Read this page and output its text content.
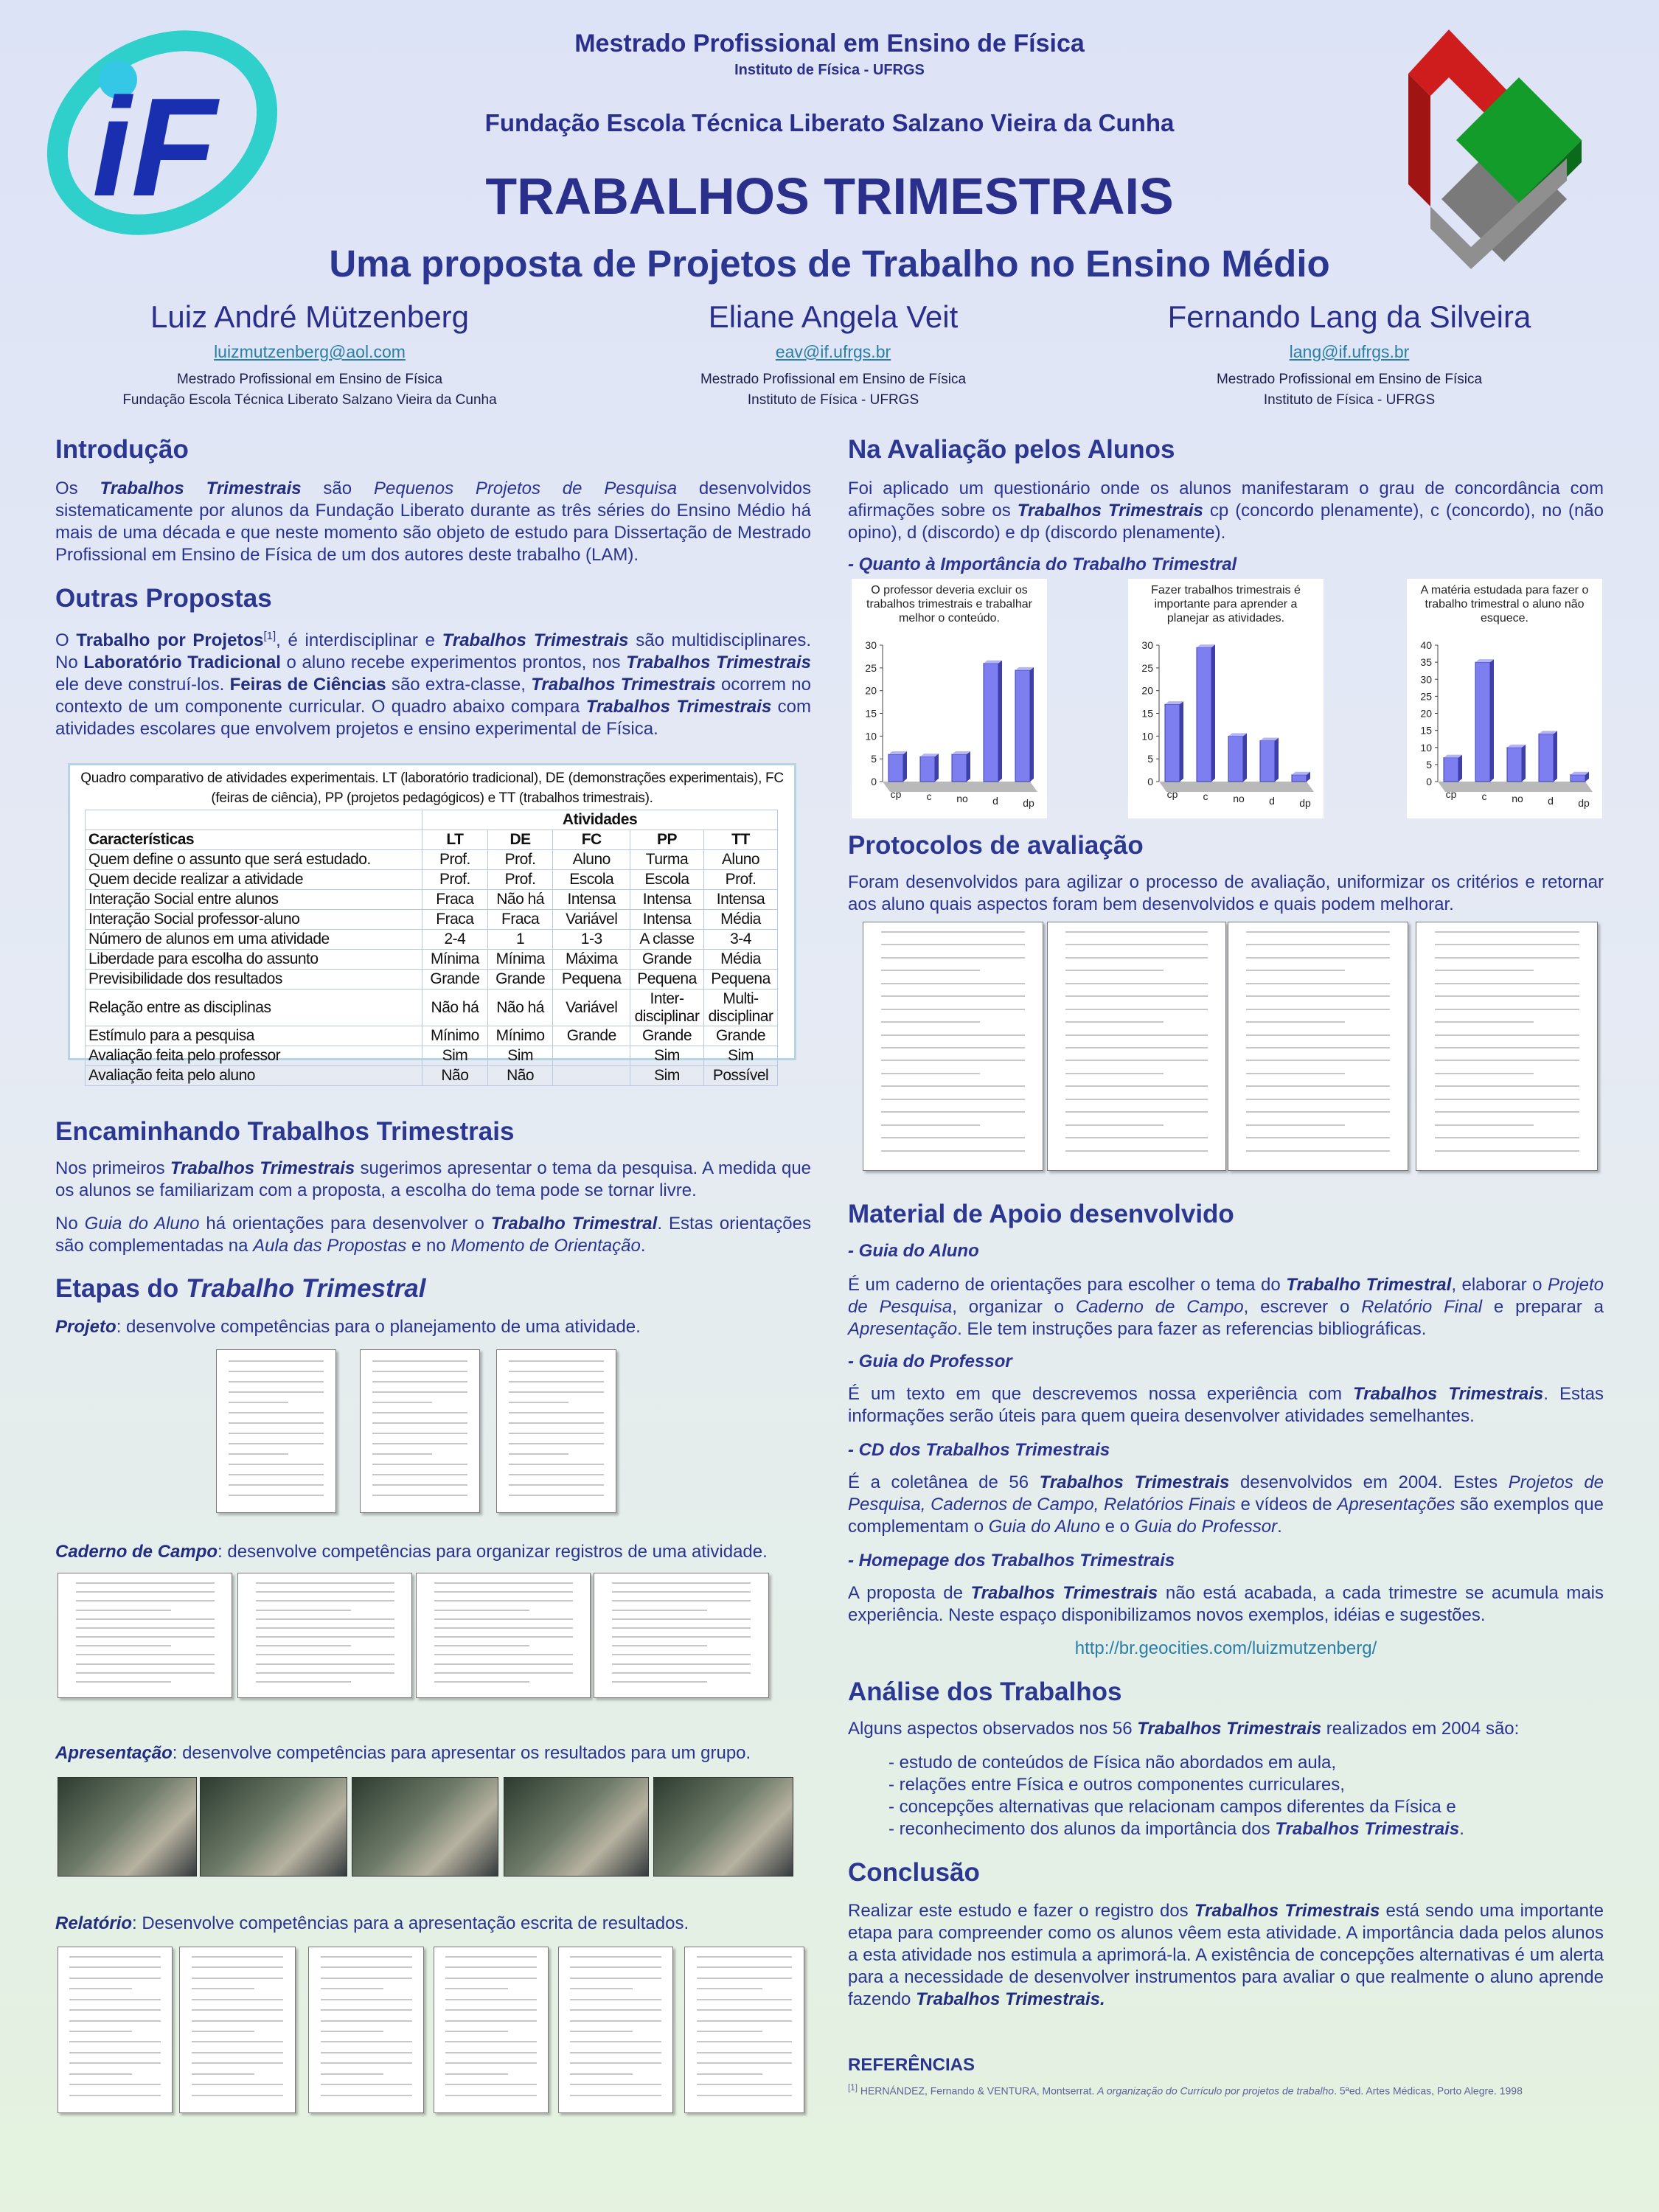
iF
Mestrado Profissional em Ensino de Física
Instituto de Física - UFRGS
Fundação Escola Técnica Liberato Salzano Vieira da Cunha
TRABALHOS TRIMESTRAIS
Uma proposta de Projetos de Trabalho no Ensino Médio
Luiz André Mützenberg
luizmutzenberg@aol.com
Mestrado Profissional em Ensino de Física
Fundação Escola Técnica Liberato Salzano Vieira da Cunha
Eliane Angela Veit
eav@if.ufrgs.br
Mestrado Profissional em Ensino de Física
Instituto de Física - UFRGS
Fernando Lang da Silveira
lang@if.ufrgs.br
Mestrado Profissional em Ensino de Física
Instituto de Física - UFRGS
Introdução
Os Trabalhos Trimestrais são Pequenos Projetos de Pesquisa desenvolvidos sistematicamente por alunos da Fundação Liberato durante as três séries do Ensino Médio há mais de uma década e que neste momento são objeto de estudo para Dissertação de Mestrado Profissional em Ensino de Física de um dos autores deste trabalho (LAM).
Outras Propostas
O Trabalho por Projetos[1], é interdisciplinar e Trabalhos Trimestrais são multidisciplinares. No Laboratório Tradicional o aluno recebe experimentos prontos, nos Trabalhos Trimestrais ele deve construí-los. Feiras de Ciências são extra-classe, Trabalhos Trimestrais ocorrem no contexto de um componente curricular. O quadro abaixo compara Trabalhos Trimestrais com atividades escolares que envolvem projetos e ensino experimental de Física.
Quadro comparativo de atividades experimentais. LT (laboratório tradicional), DE (demonstrações experimentais), FC (feiras de ciência), PP (projetos pedagógicos) e TT (trabalhos trimestrais).
	Atividades				
Características	LT	DE	FC	PP	TT
Quem define o assunto que será estudado.	Prof.	Prof.	Aluno	Turma	Aluno
Quem decide realizar a atividade	Prof.	Prof.	Escola	Escola	Prof.
Interação Social entre alunos	Fraca	Não há	Intensa	Intensa	Intensa
Interação Social professor-aluno	Fraca	Fraca	Variável	Intensa	Média
Número de alunos em uma atividade	2-4	1	1-3	A classe	3-4
Liberdade para escolha do assunto	Mínima	Mínima	Máxima	Grande	Média
Previsibilidade dos resultados	Grande	Grande	Pequena	Pequena	Pequena
Relação entre as disciplinas	Não há	Não há	Variável	Inter-disciplinar	Multi-disciplinar
Estímulo para a pesquisa	Mínimo	Mínimo	Grande	Grande	Grande
Avaliação feita pelo professor	Sim	Sim		Sim	Sim
Avaliação feita pelo aluno	Não	Não		Sim	Possível
Encaminhando Trabalhos Trimestrais
Nos primeiros Trabalhos Trimestrais sugerimos apresentar o tema da pesquisa. A medida que os alunos se familiarizam com a proposta, a escolha do tema pode se tornar livre.
No Guia do Aluno há orientações para desenvolver o Trabalho Trimestral. Estas orientações são complementadas na Aula das Propostas e no Momento de Orientação.
Etapas do Trabalho Trimestral
Projeto: desenvolve competências para o planejamento de uma atividade.
Caderno de Campo: desenvolve competências para organizar registros de uma atividade.
Apresentação: desenvolve competências para apresentar os resultados para um grupo.
Relatório: Desenvolve competências para a apresentação escrita de resultados.
Na Avaliação pelos Alunos
Foi aplicado um questionário onde os alunos manifestaram o grau de concordância com afirmações sobre os Trabalhos Trimestrais cp (concordo plenamente), c (concordo), no (não opino), d (discordo) e dp (discordo plenamente).
- Quanto à Importância do Trabalho Trimestral
O professor deveria excluir os trabalhos trimestrais e trabalhar melhor o conteúdo.
0
5
10
15
20
25
30
cp c no d dp
Fazer trabalhos trimestrais é importante para aprender a planejar as atividades.
0
5
10
15
20
25
30
cp c no d dp
A matéria estudada para fazer o trabalho trimestral o aluno não esquece.
0
5
10
15
20
25
30
35
40
cp c no d dp
Protocolos de avaliação
Foram desenvolvidos para agilizar o processo de avaliação, uniformizar os critérios e retornar aos aluno quais aspectos foram bem desenvolvidos e quais podem melhorar.
Material de Apoio desenvolvido
- Guia do Aluno
É um caderno de orientações para escolher o tema do Trabalho Trimestral, elaborar o Projeto de Pesquisa, organizar o Caderno de Campo, escrever o Relatório Final e preparar a Apresentação. Ele tem instruções para fazer as referencias bibliográficas.
- Guia do Professor
É um texto em que descrevemos nossa experiência com Trabalhos Trimestrais. Estas informações serão úteis para quem queira desenvolver atividades semelhantes.
- CD dos Trabalhos Trimestrais
É a coletânea de 56 Trabalhos Trimestrais desenvolvidos em 2004. Estes Projetos de Pesquisa, Cadernos de Campo, Relatórios Finais e vídeos de Apresentações são exemplos que complementam o Guia do Aluno e o Guia do Professor.
- Homepage dos Trabalhos Trimestrais
A proposta de Trabalhos Trimestrais não está acabada, a cada trimestre se acumula mais experiência. Neste espaço disponibilizamos novos exemplos, idéias e sugestões.
http://br.geocities.com/luizmutzenberg/
Análise dos Trabalhos
Alguns aspectos observados nos 56 Trabalhos Trimestrais realizados em 2004 são:
- estudo de conteúdos de Física não abordados em aula,
- relações entre Física e outros componentes curriculares,
- concepções alternativas que relacionam campos diferentes da Física e
- reconhecimento dos alunos da importância dos Trabalhos Trimestrais.
Conclusão
Realizar este estudo e fazer o registro dos Trabalhos Trimestrais está sendo uma importante etapa para compreender como os alunos vêem esta atividade. A importância dada pelos alunos a esta atividade nos estimula a aprimorá-la. A existência de concepções alternativas é um alerta para a necessidade de desenvolver instrumentos para avaliar o que realmente o aluno aprende fazendo Trabalhos Trimestrais.
REFERÊNCIAS
[1] HERNÁNDEZ, Fernando & VENTURA, Montserrat. A organização do Currículo por projetos de trabalho. 5ªed. Artes Médicas, Porto Alegre. 1998
